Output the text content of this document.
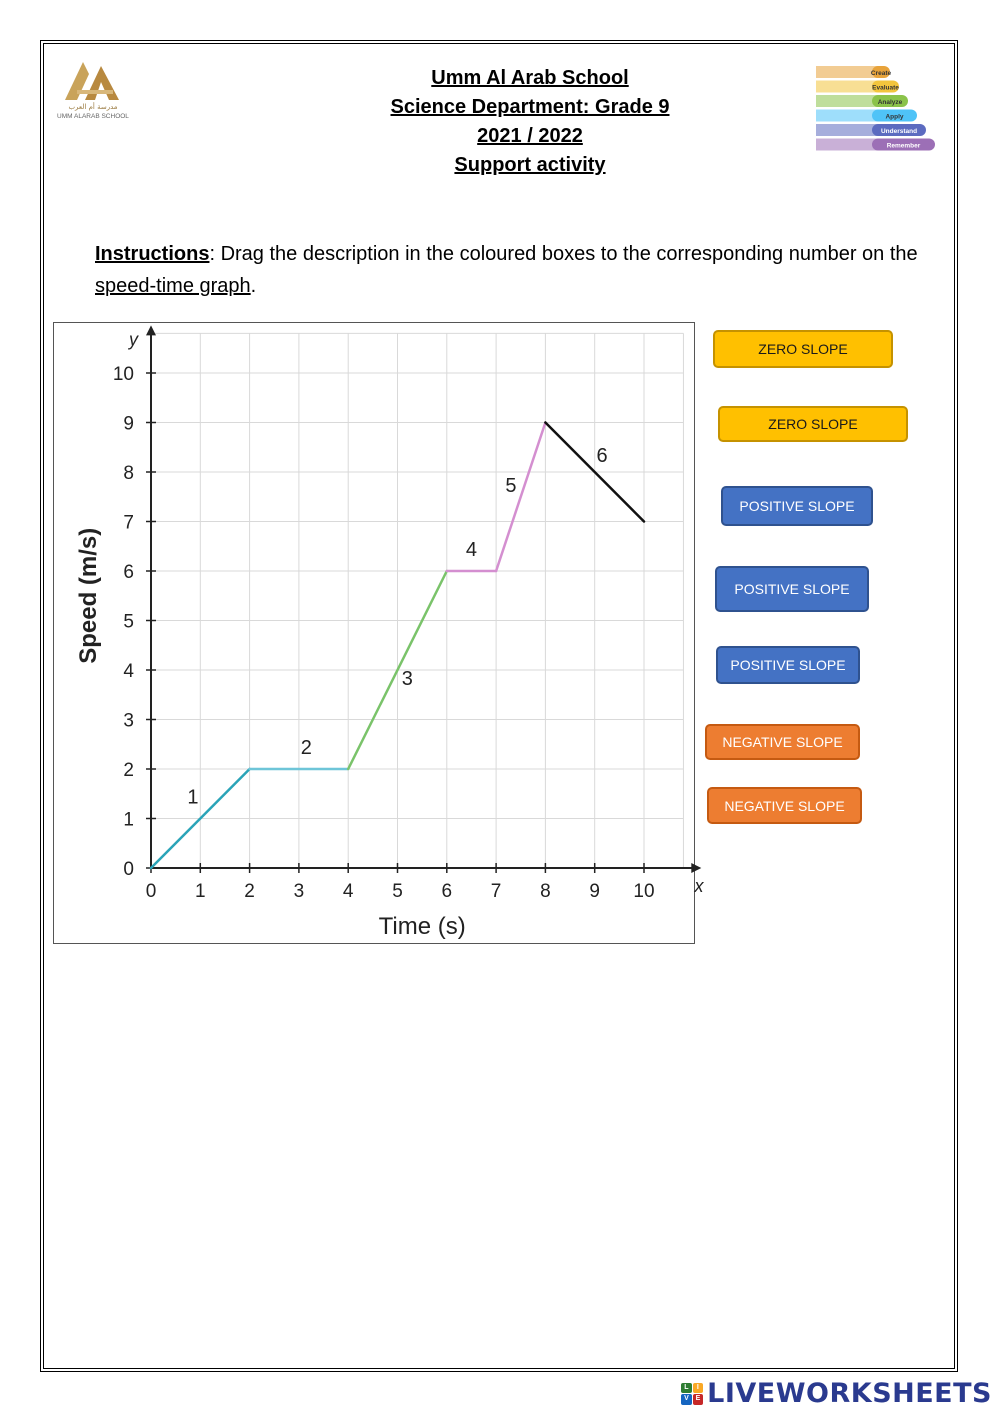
مدرسة أم العرب
UMM ALARAB SCHOOL
Umm Al Arab School
Science Department: Grade 9
2021 / 2022
Support activity
Create
Evaluate
Analyze
Apply
Understand
Remember
Instructions: Drag the description in the coloured boxes to the corresponding number on the speed-time graph.
0 1 2 3 4 5 6 7 8 9 10
0
1
2
3
4
5
6
7
8
9
10
x
y
Time (s)
Speed (m/s)
1
2
3
4
5
6
ZERO SLOPE
ZERO SLOPE
POSITIVE SLOPE
POSITIVE SLOPE
POSITIVE SLOPE
NEGATIVE SLOPE
NEGATIVE SLOPE
L	I
V E LIVEWORKSHEETS
